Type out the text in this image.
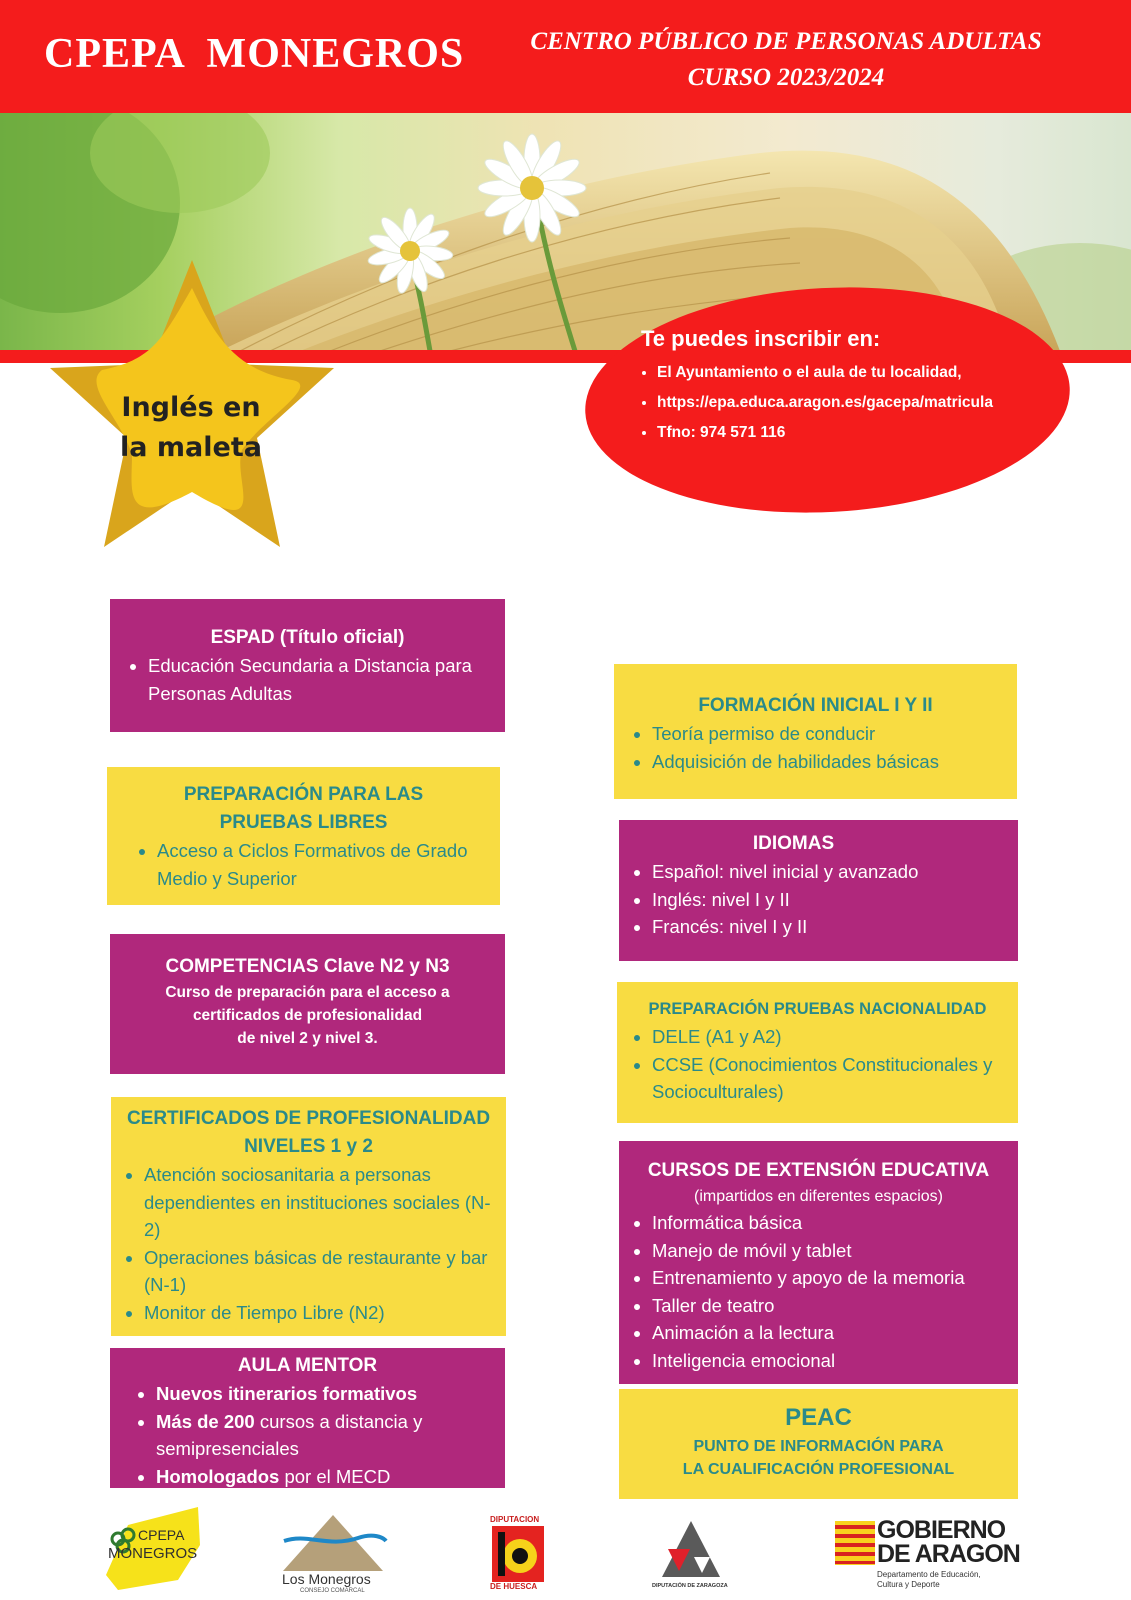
CPEPA  MONEGROS	CENTRO PÚBLICO DE PERSONAS ADULTAS
CURSO 2023/2024
Inglés en
la maleta
Te puedes inscribir en:
• El Ayuntamiento o el aula de tu localidad,
• https://epa.educa.aragon.es/gacepa/matricula
• Tfno: 974 571 116
ESPAD (Título oficial)
• Educación Secundaria a Distancia para Personas Adultas
PREPARACIÓN PARA LAS
PRUEBAS LIBRES
• Acceso a Ciclos Formativos de Grado Medio y Superior
COMPETENCIAS Clave N2 y N3
Curso de preparación para el acceso a
certificados de profesionalidad
de nivel 2 y nivel 3.
CERTIFICADOS DE PROFESIONALIDAD
NIVELES 1 y 2
• Atención sociosanitaria a personas dependientes en instituciones sociales (N-2)
• Operaciones básicas de restaurante y bar (N-1)
• Monitor de Tiempo Libre (N2)
AULA MENTOR
• Nuevos itinerarios formativos
• Más de 200 cursos a distancia y semipresenciales
• Homologados por el MECD
FORMACIÓN INICIAL I Y II
• Teoría permiso de conducir
• Adquisición de habilidades básicas
IDIOMAS
• Español: nivel inicial y avanzado
• Inglés: nivel I y II
• Francés: nivel I y II
PREPARACIÓN PRUEBAS NACIONALIDAD
• DELE (A1 y A2)
• CCSE (Conocimientos Constitucionales y Socioculturales)
CURSOS DE EXTENSIÓN EDUCATIVA
(impartidos en diferentes espacios)
• Informática básica
• Manejo de móvil y tablet
• Entrenamiento y apoyo de la memoria
• Taller de teatro
• Animación a la lectura
• Inteligencia emocional
PEAC
PUNTO DE INFORMACIÓN PARA
LA CUALIFICACIÓN PROFESIONAL
CPEPA
MONEGROS
Los Monegros
CONSEJO COMARCAL
DIPUTACION
DE HUESCA	DIPUTACIÓN DE ZARAGOZA
GOBIERNO
DE ARAGON
Departamento de Educación,
Cultura y Deporte
